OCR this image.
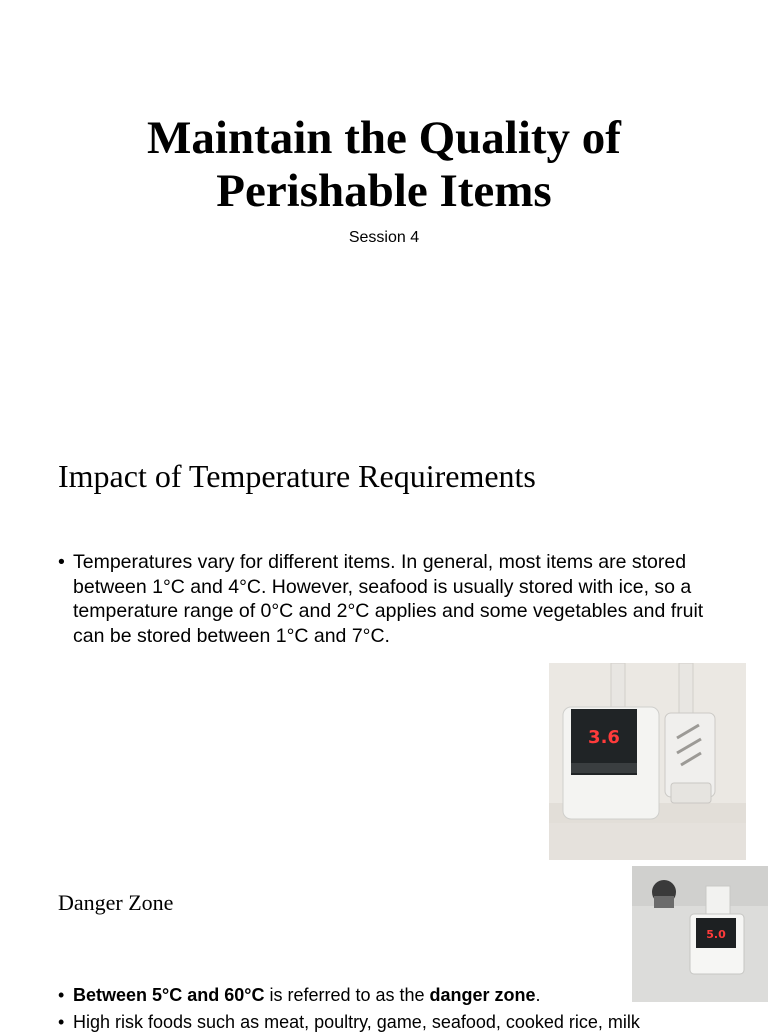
Maintain the Quality of
Perishable Items
Session 4
Impact of Temperature Requirements
• Temperatures vary for different items. In general, most items are stored between 1°C and 4°C. However, seafood is usually stored with ice, so a temperature range of 0°C and 2°C applies and some vegetables and fruit can be stored between 1°C and 7°C.
3.6
Danger Zone
• Between 5°C and 60°C is referred to as the danger zone.
• High risk foods such as meat, poultry, game, seafood, cooked rice, milk
5.0
